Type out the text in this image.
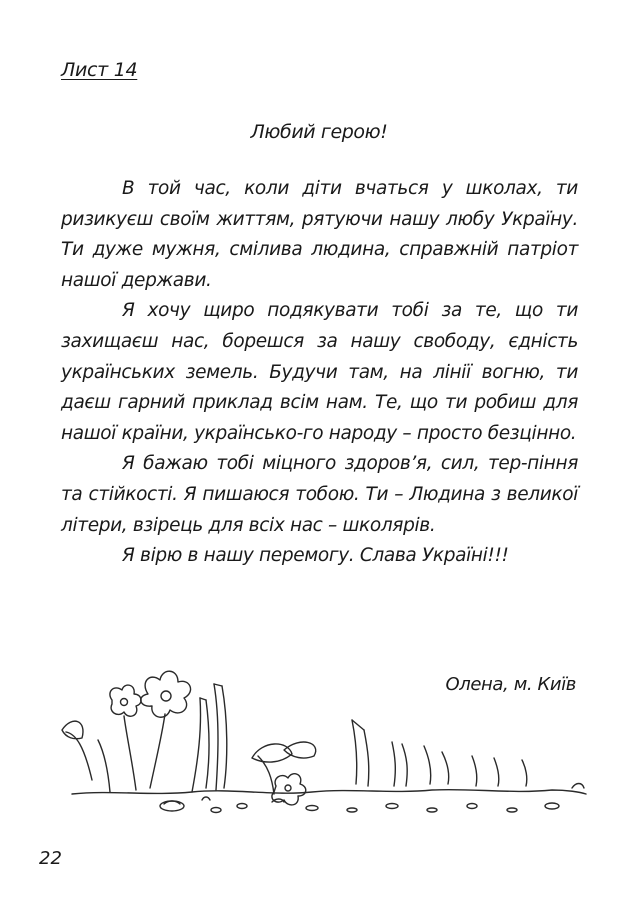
Лист 14
Любий герою!

В той час, коли діти вчаться у школах, ти ризикуєш своїм життям, рятуючи нашу любу Україну. Ти дуже мужня, смілива людина, справжній патріот нашої держави.

Я хочу щиро подякувати тобі за те, що ти захищаєш нас, борешся за нашу свободу, єдність українських земель. Будучи там, на лінії вогню, ти даєш гарний приклад всім нам. Те, що ти робиш для нашої країни, українсько-го народу – просто безцінно.

Я бажаю тобі міцного здоров’я, сил, тер-піння та стійкості. Я пишаюся тобою. Ти – Людина з великої літери, взірець для всіх нас – школярів.

Я вірю в нашу перемогу. Слава Україні!!!

Олена, м. Київ
22
